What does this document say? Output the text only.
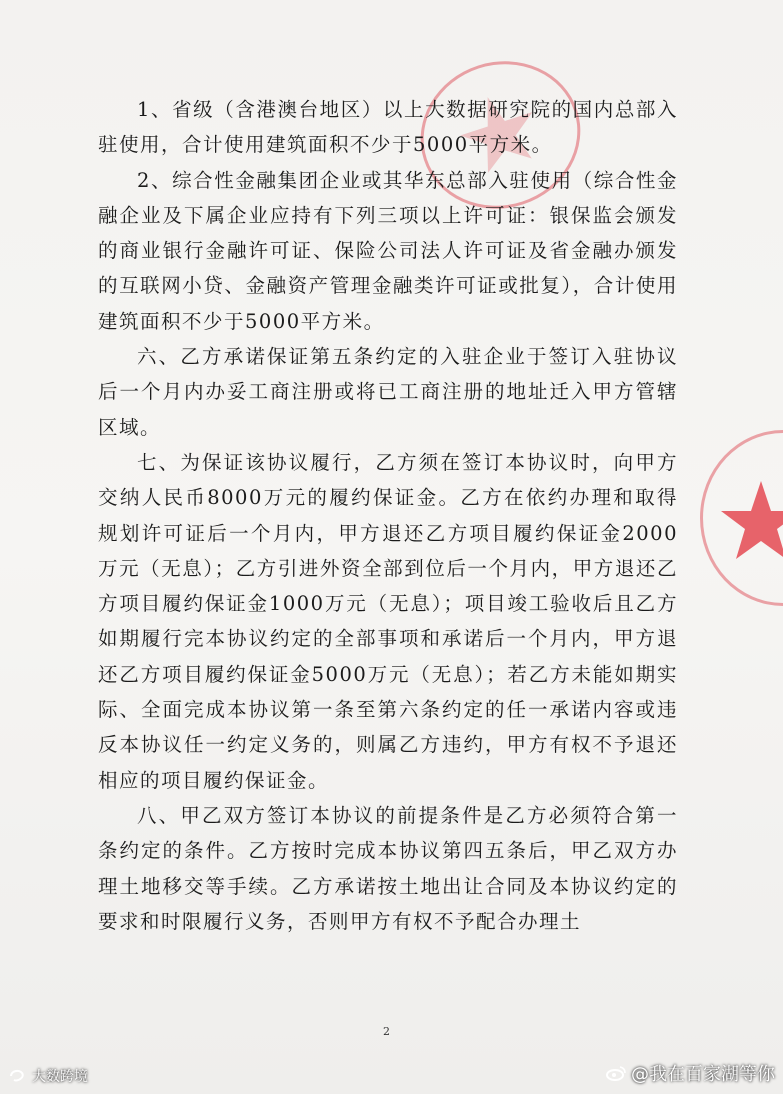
1、省级（含港澳台地区）以上大数据研究院的国内总部入驻使用，合计使用建筑面积不少于5000平方米。

2、综合性金融集团企业或其华东总部入驻使用（综合性金融企业及下属企业应持有下列三项以上许可证：银保监会颁发的商业银行金融许可证、保险公司法人许可证及省金融办颁发的互联网小贷、金融资产管理金融类许可证或批复），合计使用建筑面积不少于5000平方米。

六、乙方承诺保证第五条约定的入驻企业于签订入驻协议后一个月内办妥工商注册或将已工商注册的地址迁入甲方管辖区域。

七、为保证该协议履行，乙方须在签订本协议时，向甲方交纳人民币8000万元的履约保证金。乙方在依约办理和取得规划许可证后一个月内，甲方退还乙方项目履约保证金2000万元（无息）；乙方引进外资全部到位后一个月内，甲方退还乙方项目履约保证金1000万元（无息）；项目竣工验收后且乙方如期履行完本协议约定的全部事项和承诺后一个月内，甲方退还乙方项目履约保证金5000万元（无息）；若乙方未能如期实际、全面完成本协议第一条至第六条约定的任一承诺内容或违反本协议任一约定义务的，则属乙方违约，甲方有权不予退还相应的项目履约保证金。

八、甲乙双方签订本协议的前提条件是乙方必须符合第一条约定的条件。乙方按时完成本协议第四五条后，甲乙双方办理土地移交等手续。乙方承诺按土地出让合同及本协议约定的要求和时限履行义务，否则甲方有权不予配合办理土

2
大数跨境	@我在百家湖等你
